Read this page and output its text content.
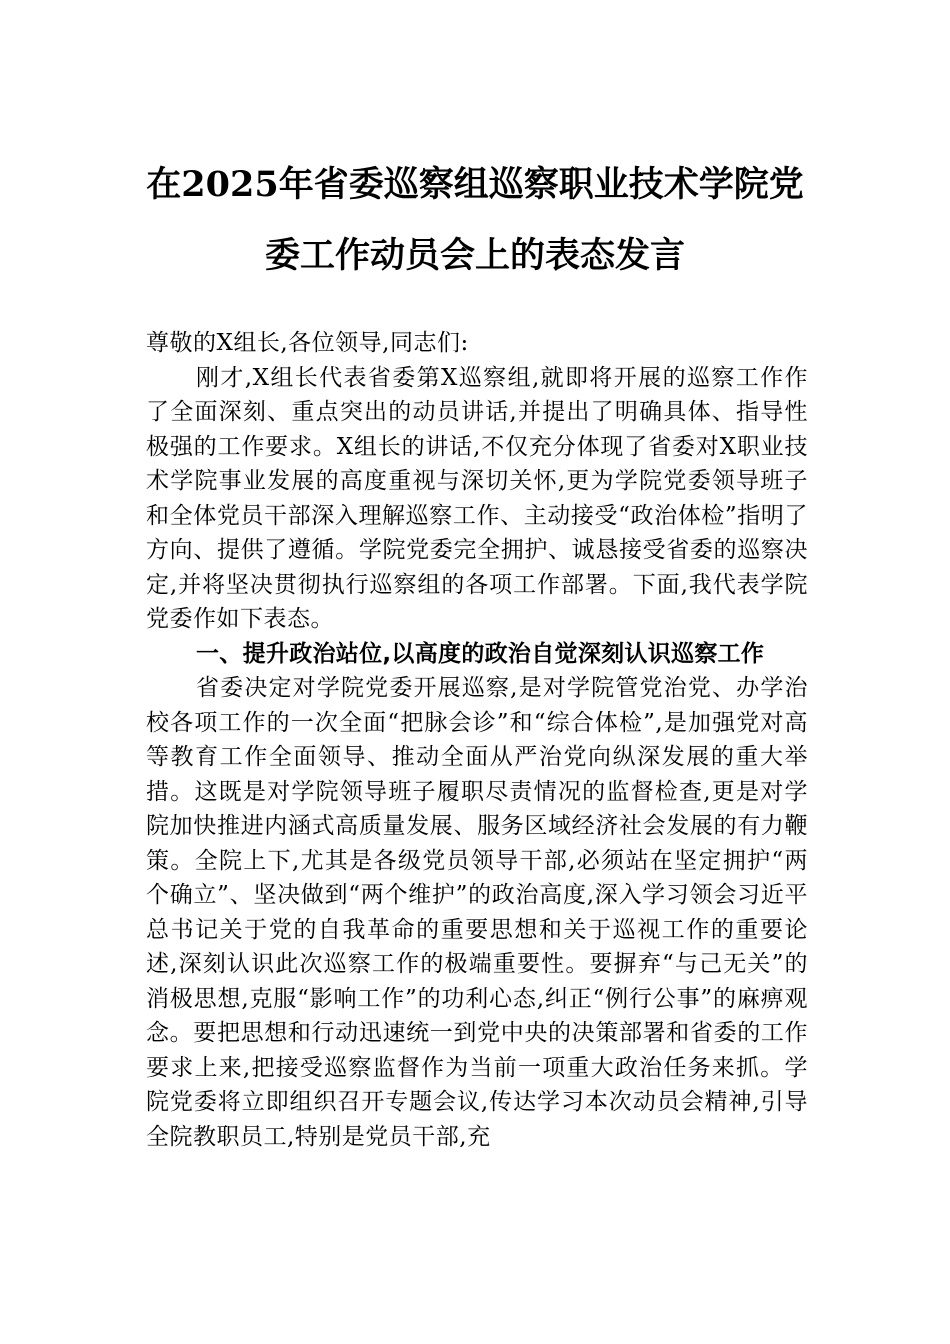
在2025年省委巡察组巡察职业技术学院党
委工作动员会上的表态发言

尊敬的X组长,各位领导,同志们:

刚才,X组长代表省委第X巡察组,就即将开展的巡察工作作了全面深刻、重点突出的动员讲话,并提出了明确具体、指导性极强的工作要求。X组长的讲话,不仅充分体现了省委对X职业技术学院事业发展的高度重视与深切关怀,更为学院党委领导班子和全体党员干部深入理解巡察工作、主动接受“政治体检”指明了方向、提供了遵循。学院党委完全拥护、诚恳接受省委的巡察决定,并将坚决贯彻执行巡察组的各项工作部署。下面,我代表学院党委作如下表态。

一、提升政治站位,以高度的政治自觉深刻认识巡察工作

省委决定对学院党委开展巡察,是对学院管党治党、办学治校各项工作的一次全面“把脉会诊”和“综合体检”,是加强党对高等教育工作全面领导、推动全面从严治党向纵深发展的重大举措。这既是对学院领导班子履职尽责情况的监督检查,更是对学院加快推进内涵式高质量发展、服务区域经济社会发展的有力鞭策。全院上下,尤其是各级党员领导干部,必须站在坚定拥护“两个确立”、坚决做到“两个维护”的政治高度,深入学习领会习近平总书记关于党的自我革命的重要思想和关于巡视工作的重要论述,深刻认识此次巡察工作的极端重要性。要摒弃“与己无关”的消极思想,克服“影响工作”的功利心态,纠正“例行公事”的麻痹观念。要把思想和行动迅速统一到党中央的决策部署和省委的工作要求上来,把接受巡察监督作为当前一项重大政治任务来抓。学院党委将立即组织召开专题会议,传达学习本次动员会精神,引导全院教职员工,特别是党员干部,充
